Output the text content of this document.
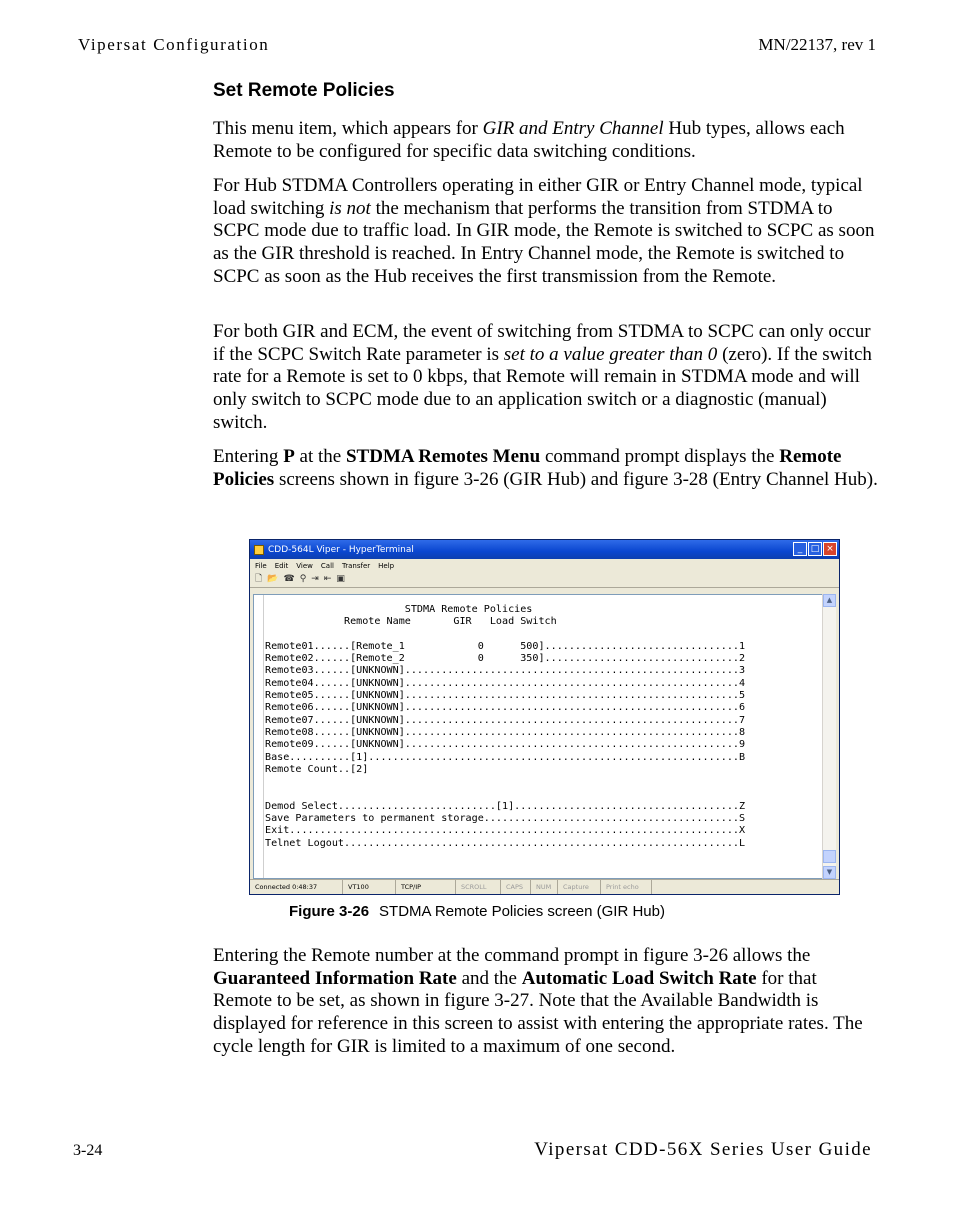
Vipersat Configuration	MN/22137, rev 1
Set Remote Policies

This menu item, which appears for GIR and Entry Channel Hub types, allows each Remote to be configured for specific data switching conditions.

For Hub STDMA Controllers operating in either GIR or Entry Channel mode, typical load switching is not the mechanism that performs the transition from STDMA to SCPC mode due to traffic load. In GIR mode, the Remote is switched to SCPC as soon as the GIR threshold is reached. In Entry Channel mode, the Remote is switched to SCPC as soon as the Hub receives the first transmission from the Remote.

For both GIR and ECM, the event of switching from STDMA to SCPC can only occur if the SCPC Switch Rate parameter is set to a value greater than 0 (zero). If the switch rate for a Remote is set to 0 kbps, that Remote will remain in STDMA mode and will only switch to SCPC mode due to an application switch or a diagnostic (manual) switch.

Entering P at the STDMA Remotes Menu command prompt displays the Remote Policies screens shown in figure 3-26 (GIR Hub) and figure 3-28 (Entry Channel Hub).

CDD-564L Viper - HyperTerminal	_ □ ×
File Edit View Call Transfer Help
🗋 📂 ☎ ⚲ ⇥ ⇤ ▣
STDMA Remote Policies
Remote Name       GIR   Load Switch

Remote01......[Remote_1            0      500]................................1
Remote02......[Remote_2            0      350]................................2
Remote03......[UNKNOWN].......................................................3
Remote04......[UNKNOWN].......................................................4
Remote05......[UNKNOWN].......................................................5
Remote06......[UNKNOWN].......................................................6
Remote07......[UNKNOWN].......................................................7
Remote08......[UNKNOWN].......................................................8
Remote09......[UNKNOWN].......................................................9
Base..........[1].............................................................B
Remote Count..[2]

Demod Select..........................[1].....................................Z
Save Parameters to permanent storage..........................................S
Exit..........................................................................X
Telnet Logout.................................................................L
▲
▼
Connected 0:48:37	VT100	TCP/IP	SCROLL	CAPS	NUM	Capture	Print echo
Figure 3-26 STDMA Remote Policies screen (GIR Hub)

Entering the Remote number at the command prompt in figure 3-26 allows the Guaranteed Information Rate and the Automatic Load Switch Rate for that Remote to be set, as shown in figure 3-27. Note that the Available Bandwidth is displayed for reference in this screen to assist with entering the appropriate rates. The cycle length for GIR is limited to a maximum of one second.

3-24	Vipersat CDD-56X Series User Guide
